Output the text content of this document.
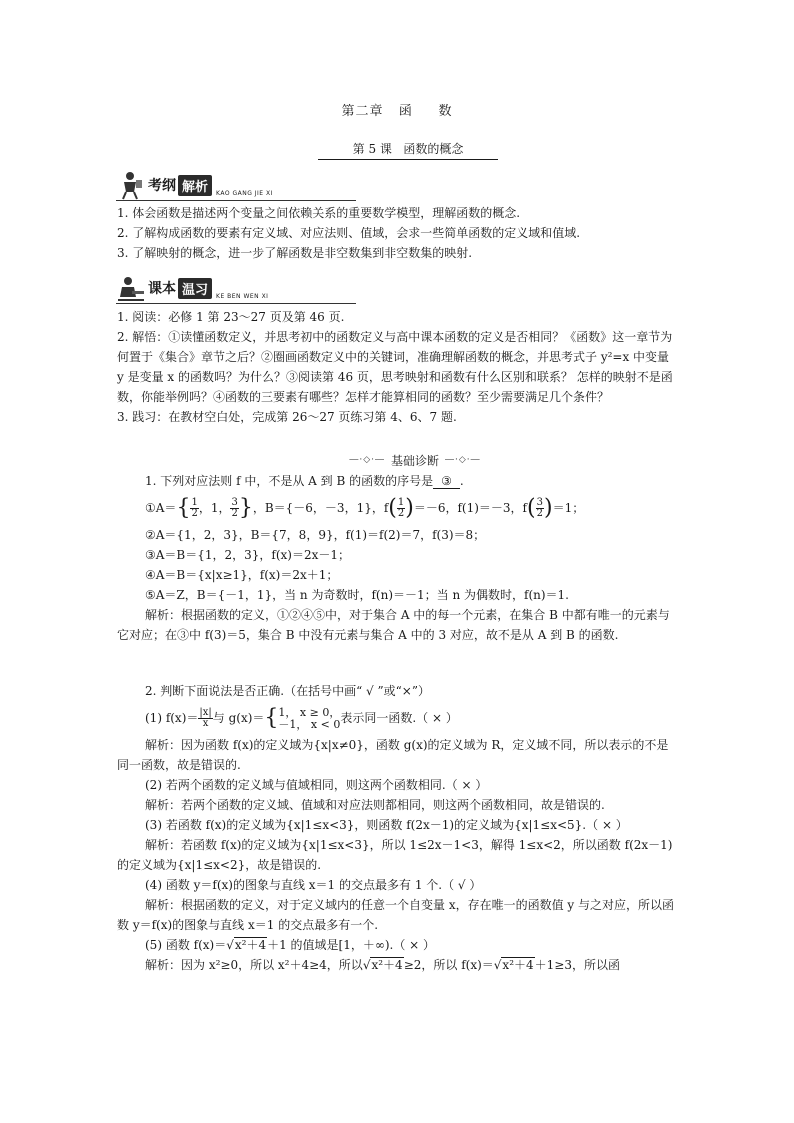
第二章   函     数
第 5 课   函数的概念
考纲 解析	KAO GANG JIE XI

1. 体会函数是描述两个变量之间依赖关系的重要数学模型，理解函数的概念.

2. 了解构成函数的要素有定义域、对应法则、值域，会求一些简单函数的定义域和值域.

3. 了解映射的概念，进一步了解函数是非空数集到非空数集的映射.

课本 温习	KE BEN WEN XI

1. 阅读：必修 1 第 23～27 页及第 46 页.

2. 解悟：①读懂函数定义，并思考初中的函数定义与高中课本函数的定义是否相同？《函数》这一章节为何置于《集合》章节之后？②圈画函数定义中的关键词，准确理解函数的概念，并思考式子 y²=x 中变量 y 是变量 x 的函数吗？为什么？③阅读第 46 页，思考映射和函数有什么区别和联系？ 怎样的映射不是函数，你能举例吗？④函数的三要素有哪些？怎样才能算相同的函数？至少需要满足几个条件？

3. 践习：在教材空白处，完成第 26～27 页练习第 4、6、7 题.

―·◇·― 基础诊断 ―·◇·―

1. 下列对应法则 f 中，不是从 A 到 B 的函数的序号是 ③ .

①A＝{ $\frac{1}{2}$ ，1， $\frac{3}{2}$ }，B＝{－6，－3，1}，$f( \frac{1}{2} )=-6$，f(1)＝－3，$f( \frac{3}{2} )=1$；

②A＝{1，2，3}，B＝{7，8，9}，f(1)＝f(2)＝7，f(3)＝8；

③A＝B＝{1，2，3}，f(x)＝2x－1；

④A＝B＝{x|x≥1}，f(x)＝2x＋1；

⑤A＝Z，B＝{－1，1}，当 n 为奇数时，f(n)＝－1；当 n 为偶数时，f(n)＝1.

解析：根据函数的定义，①②④⑤中，对于集合 A 中的每一个元素，在集合 B 中都有唯一的元素与它对应；在③中 f(3)＝5，集合 B 中没有元素与集合 A 中的 3 对应，故不是从 A 到 B 的函数.

2. 判断下面说法是否正确.（在括号中画“ √ ”或“×”）

(1) $f(x)= \frac{|x|}{x}$ 与 g(x)＝{ 1， x ≥ 0，
－1， x < 0 表示同一函数.（ × ）

解析：因为函数 f(x)的定义域为{x|x≠0}，函数 g(x)的定义域为 R，定义域不同，所以表示的不是同一函数，故是错误的.

(2) 若两个函数的定义域与值域相同，则这两个函数相同.（ × ）

解析：若两个函数的定义域、值域和对应法则都相同，则这两个函数相同，故是错误的.

(3) 若函数 f(x)的定义域为{x|1≤x<3}，则函数 f(2x－1)的定义域为{x|1≤x<5}.（ × ）

解析：若函数 f(x)的定义域为{x|1≤x<3}，所以 1≤2x－1<3，解得 1≤x<2，所以函数 f(2x－1)的定义域为{x|1≤x<2}，故是错误的.

(4) 函数 y＝f(x)的图象与直线 x＝1 的交点最多有 1 个.（ √ ）

解析：根据函数的定义，对于定义域内的任意一个自变量 x，存在唯一的函数值 y 与之对应，所以函数 y＝f(x)的图象与直线 x＝1 的交点最多有一个.

(5) 函数 f(x)＝√x²＋4＋1 的值域是[1，＋∞).（ × ）

解析：因为 x²≥0，所以 x²＋4≥4，所以√x²＋4≥2，所以 f(x)＝√x²＋4＋1≥3，所以函
